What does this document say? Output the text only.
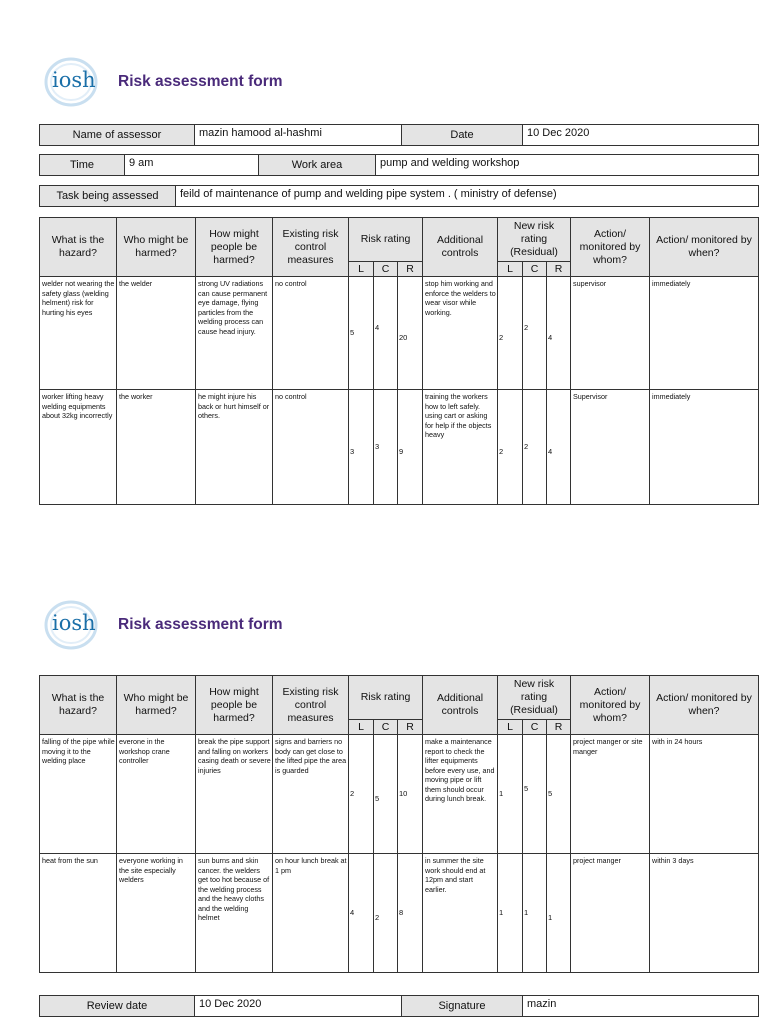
iosh Risk assessment form
Name of assessor	mazin hamood al-hashmi	Date	10 Dec 2020
Time	9 am	Work area	pump and welding workshop
Task being assessed	feild of maintenance of pump and welding pipe system . ( ministry of defense)
What is the hazard?	Who might be harmed?	How might people be harmed?	Existing risk control measures	Risk rating			Additional controls	New risk rating (Residual)			Action/ monitored by whom?	Action/ monitored by when?
				L	C	R		L	C	R		
welder not wearing the safety glass (welding helment) risk for hurting his eyes	the welder	strong UV radiations can cause permanent eye damage, flying particles from the welding process can cause head injury.	no control	5	4	20	stop him working and enforce the welders to wear visor while working.	2	2	4	supervisor	immediately
worker lifting heavy welding equipments about 32kg incorrectly	the worker	he might injure his back or hurt himself or others.	no control	3	3	9	training the workers how to left safely. using cart or asking for help if the objects heavy	2	2	4	Supervisor	immediately
iosh Risk assessment form
What is the hazard?	Who might be harmed?	How might people be harmed?	Existing risk control measures	Risk rating			Additional controls	New risk rating (Residual)			Action/ monitored by whom?	Action/ monitored by when?
				L	C	R		L	C	R		
falling of the pipe while moving it to the welding place	everone in the workshop crane controller	break the pipe support and falling on workers casing death or severe injuries	signs and barriers no body can get close to the lifted pipe the area is guarded	2	5	10	make a maintenance report to check the lifter equipments before every use, and moving pipe or lift them should occur during lunch break.	1	5	5	project manger or site manger	with in 24 hours
heat from the sun	everyone working in the site especially welders	sun burns and skin cancer. the welders get too hot because of the welding process and the heavy cloths and the welding helmet	on hour lunch break at 1 pm	4	2	8	in summer the site work should end at 12pm and start earlier.	1	1	1	project manger	within 3 days
Review date	10 Dec 2020	Signature	mazin
